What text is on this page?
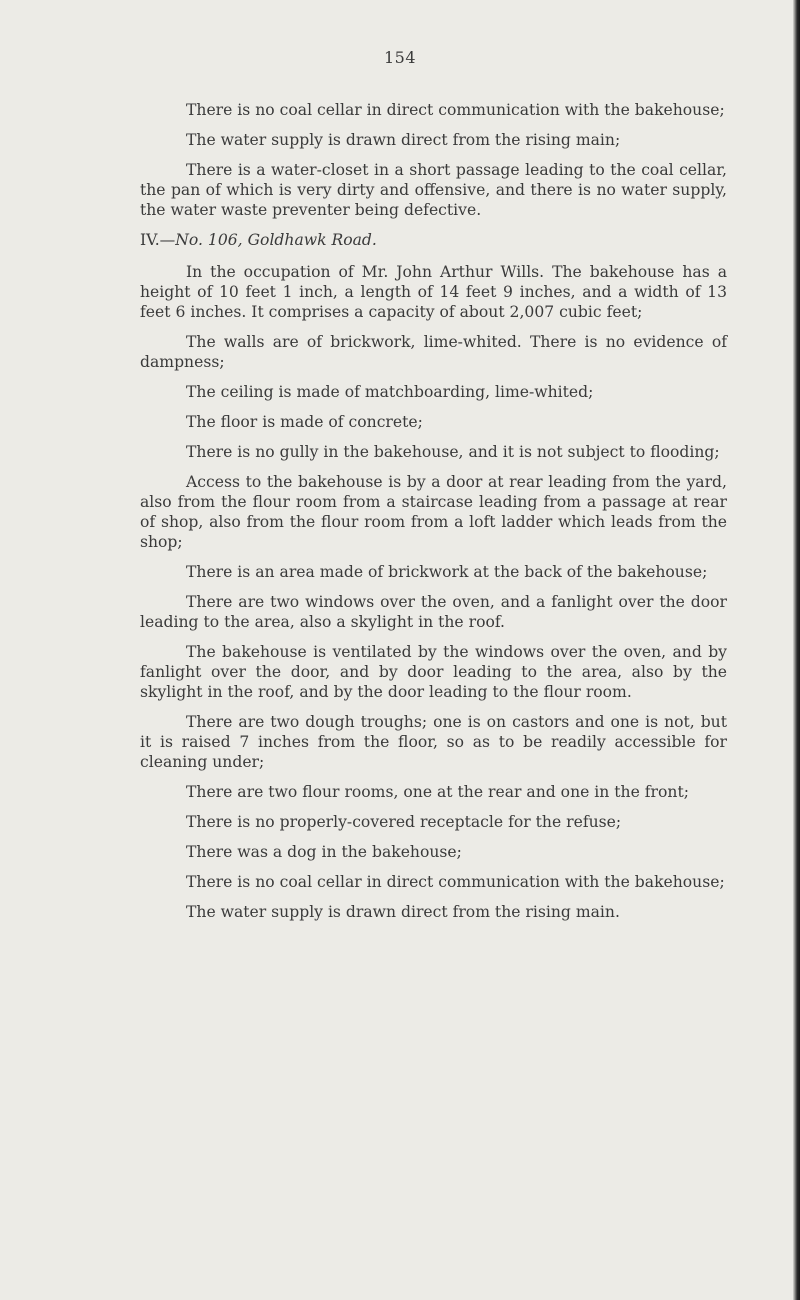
154

There is no coal cellar in direct communication with the bakehouse;

The water supply is drawn direct from the rising main;

There is a water-closet in a short passage leading to the coal cellar, the pan of which is very dirty and offensive, and there is no water supply, the water waste preventer being defective.

IV.—No. 106, Goldhawk Road.

In the occupation of Mr. John Arthur Wills. The bakehouse has a height of 10 feet 1 inch, a length of 14 feet 9 inches, and a width of 13 feet 6 inches. It comprises a capacity of about 2,007 cubic feet;

The walls are of brickwork, lime-whited. There is no evidence of dampness;

The ceiling is made of matchboarding, lime-whited;

The floor is made of concrete;

There is no gully in the bakehouse, and it is not subject to flooding;

Access to the bakehouse is by a door at rear leading from the yard, also from the flour room from a staircase leading from a passage at rear of shop, also from the flour room from a loft ladder which leads from the shop;

There is an area made of brickwork at the back of the bakehouse;

There are two windows over the oven, and a fanlight over the door leading to the area, also a skylight in the roof.

The bakehouse is ventilated by the windows over the oven, and by fanlight over the door, and by door leading to the area, also by the skylight in the roof, and by the door leading to the flour room.

There are two dough troughs; one is on castors and one is not, but it is raised 7 inches from the floor, so as to be readily accessible for cleaning under;

There are two flour rooms, one at the rear and one in the front;

There is no properly-covered receptacle for the refuse;

There was a dog in the bakehouse;

There is no coal cellar in direct communication with the bakehouse;

The water supply is drawn direct from the rising main.
